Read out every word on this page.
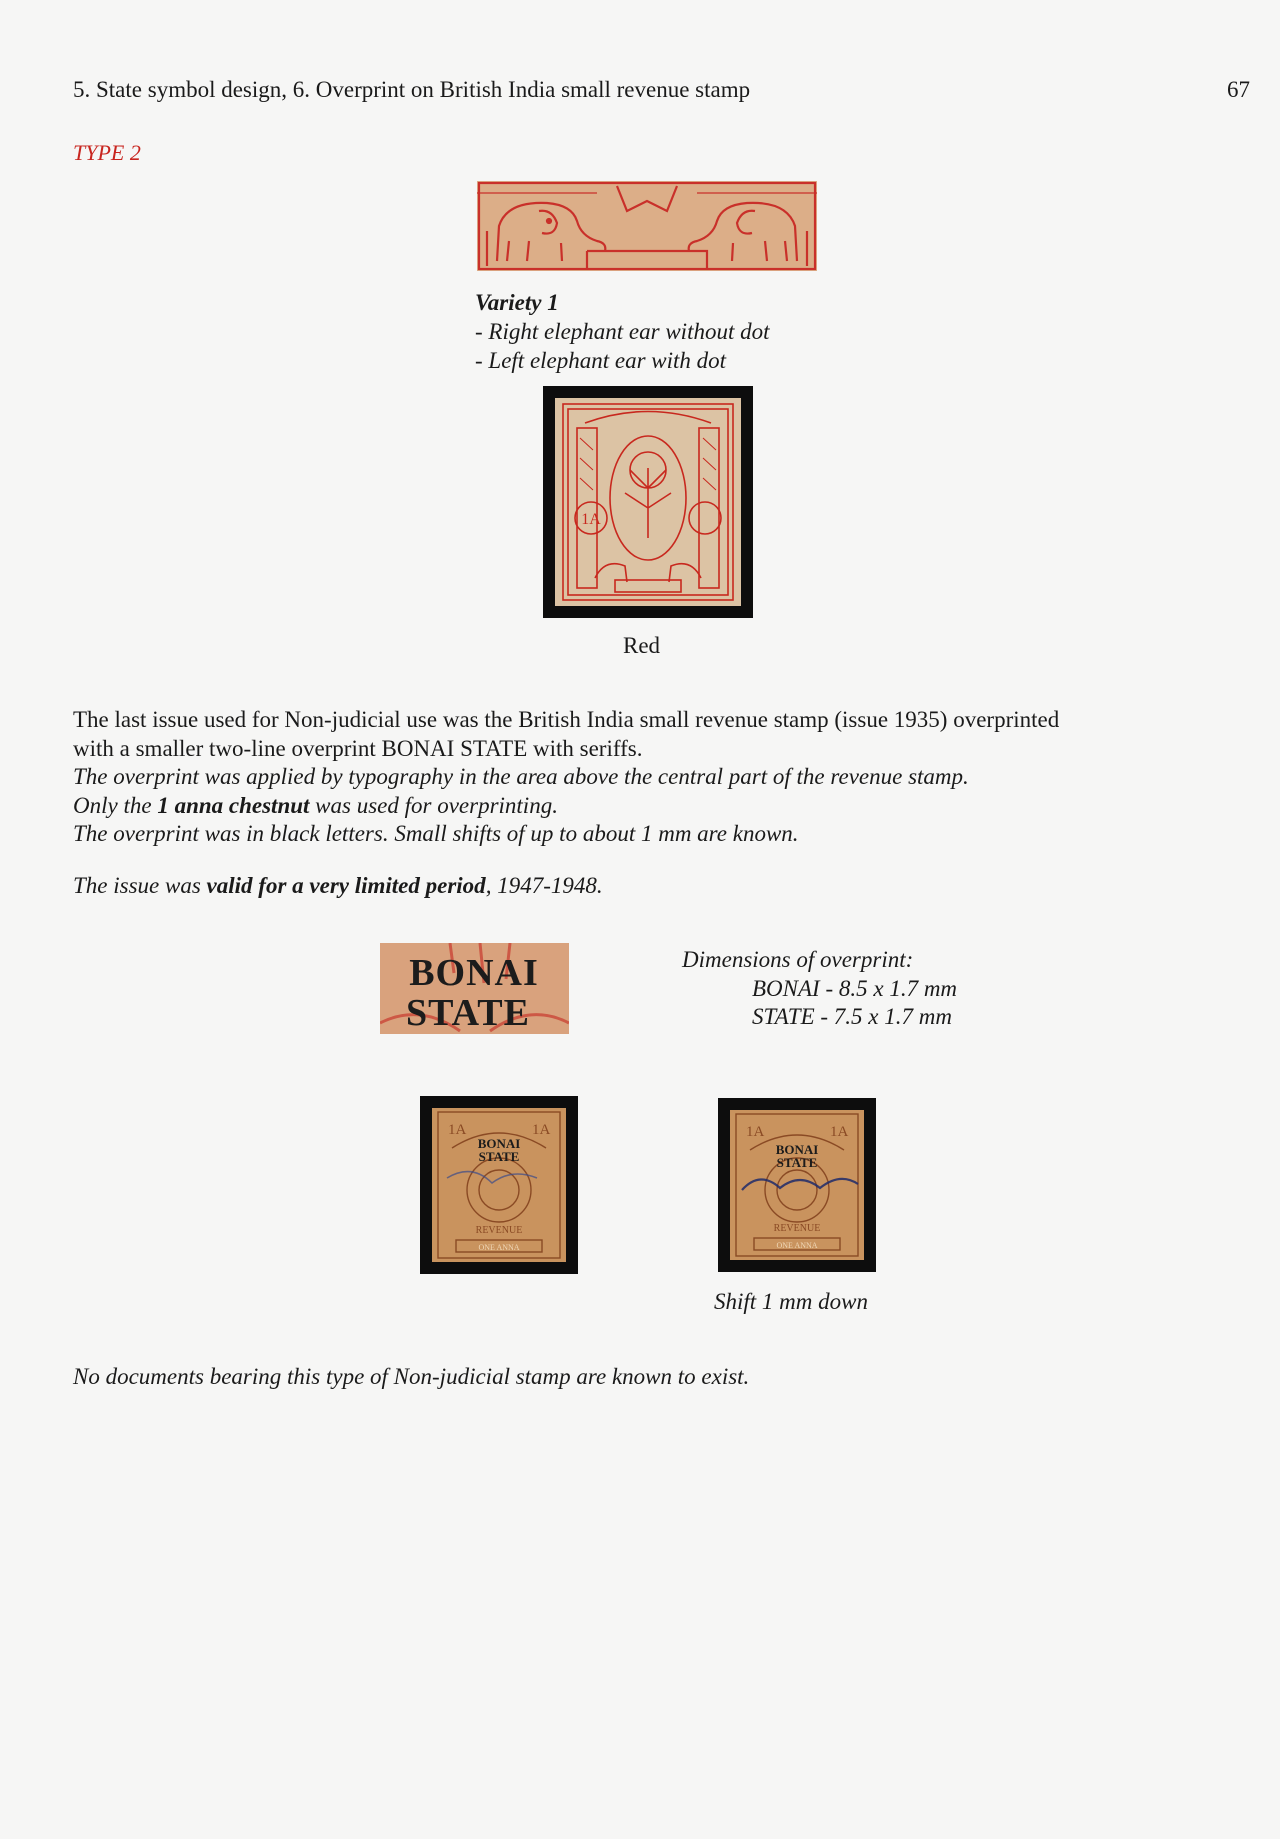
5. State symbol design, 6. Overprint on British India small revenue stamp	67
TYPE 2
Variety 1
- Right elephant ear without dot
- Left elephant ear with dot
1A
Red

The last issue used for Non-judicial use was the British India small revenue stamp (issue 1935) overprinted

with a smaller two-line overprint BONAI STATE with seriffs.

The overprint was applied by typography in the area above the central part of the revenue stamp.

Only the 1 anna chestnut was used for overprinting.

The overprint was in black letters. Small shifts of up to about 1 mm are known.

The issue was valid for a very limited period, 1947-1948.
BONAI
STATE
Dimensions of overprint:
BONAI - 8.5 x 1.7 mm
STATE - 7.5 x 1.7 mm
1A	1A
REVENUE
ONE ANNA
BONAI
STATE
1A	1A
REVENUE
ONE ANNA
BONAI
STATE
Shift 1 mm down
No documents bearing this type of Non-judicial stamp are known to exist.
